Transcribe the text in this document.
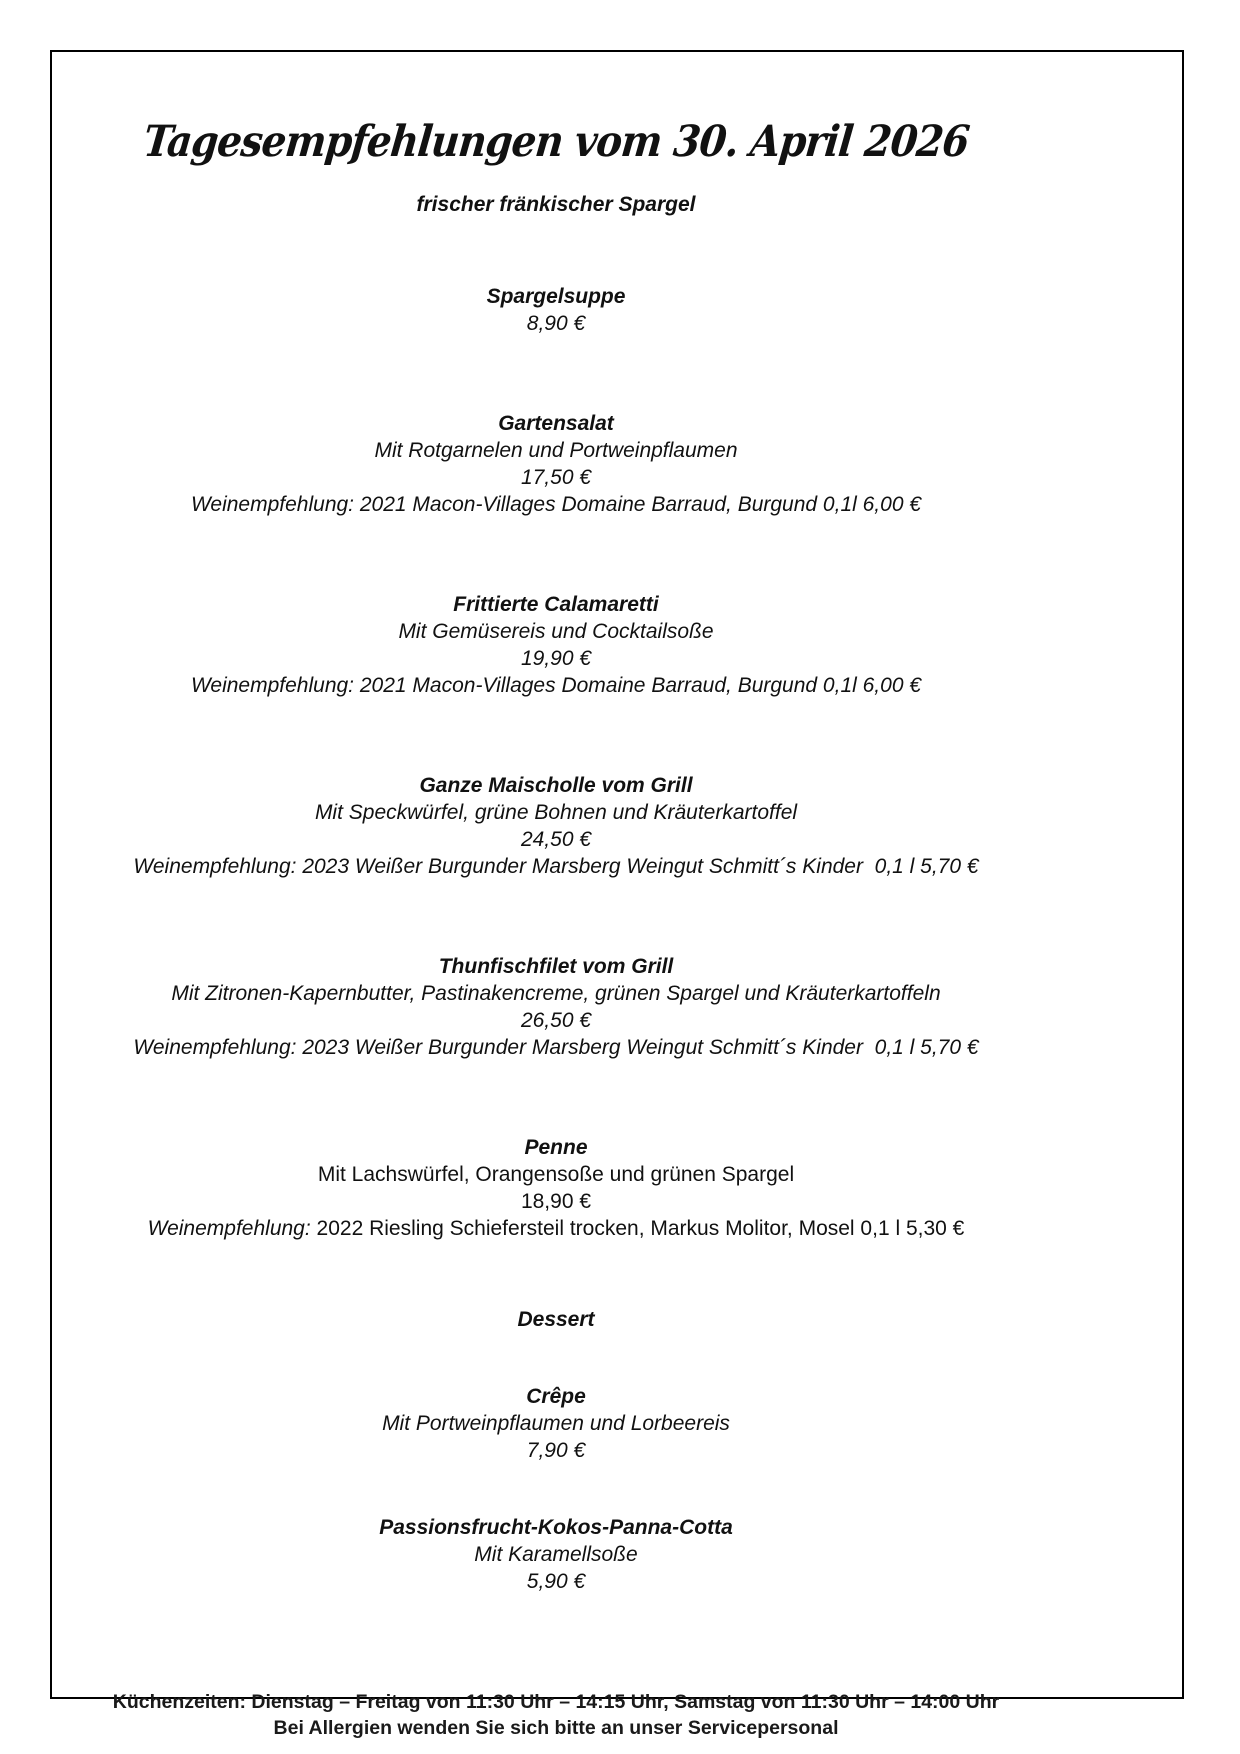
Tagesempfehlungen vom 30. April 2026
frischer fränkischer Spargel
Spargelsuppe
8,90 €
Gartensalat
Mit Rotgarnelen und Portweinpflaumen
17,50 €
Weinempfehlung: 2021 Macon-Villages Domaine Barraud, Burgund 0,1l 6,00 €
Frittierte Calamaretti
Mit Gemüsereis und Cocktailsoße
19,90 €
Weinempfehlung: 2021 Macon-Villages Domaine Barraud, Burgund 0,1l 6,00 €
Ganze Maischolle vom Grill
Mit Speckwürfel, grüne Bohnen und Kräuterkartoffel
24,50 €
Weinempfehlung: 2023 Weißer Burgunder Marsberg Weingut Schmitt´s Kinder  0,1 l 5,70 €
Thunfischfilet vom Grill
Mit Zitronen-Kapernbutter, Pastinakencreme, grünen Spargel und Kräuterkartoffeln
26,50 €
Weinempfehlung: 2023 Weißer Burgunder Marsberg Weingut Schmitt´s Kinder  0,1 l 5,70 €
Penne
Mit Lachswürfel, Orangensoße und grünen Spargel
18,90 €
Weinempfehlung: 2022 Riesling Schiefersteil trocken, Markus Molitor, Mosel 0,1 l 5,30 €
Dessert
Crêpe
Mit Portweinpflaumen und Lorbeereis
7,90 €
Passionsfrucht-Kokos-Panna-Cotta
Mit Karamellsoße
5,90 €
Küchenzeiten: Dienstag – Freitag von 11:30 Uhr – 14:15 Uhr, Samstag von 11:30 Uhr – 14:00 Uhr
Bei Allergien wenden Sie sich bitte an unser Servicepersonal
